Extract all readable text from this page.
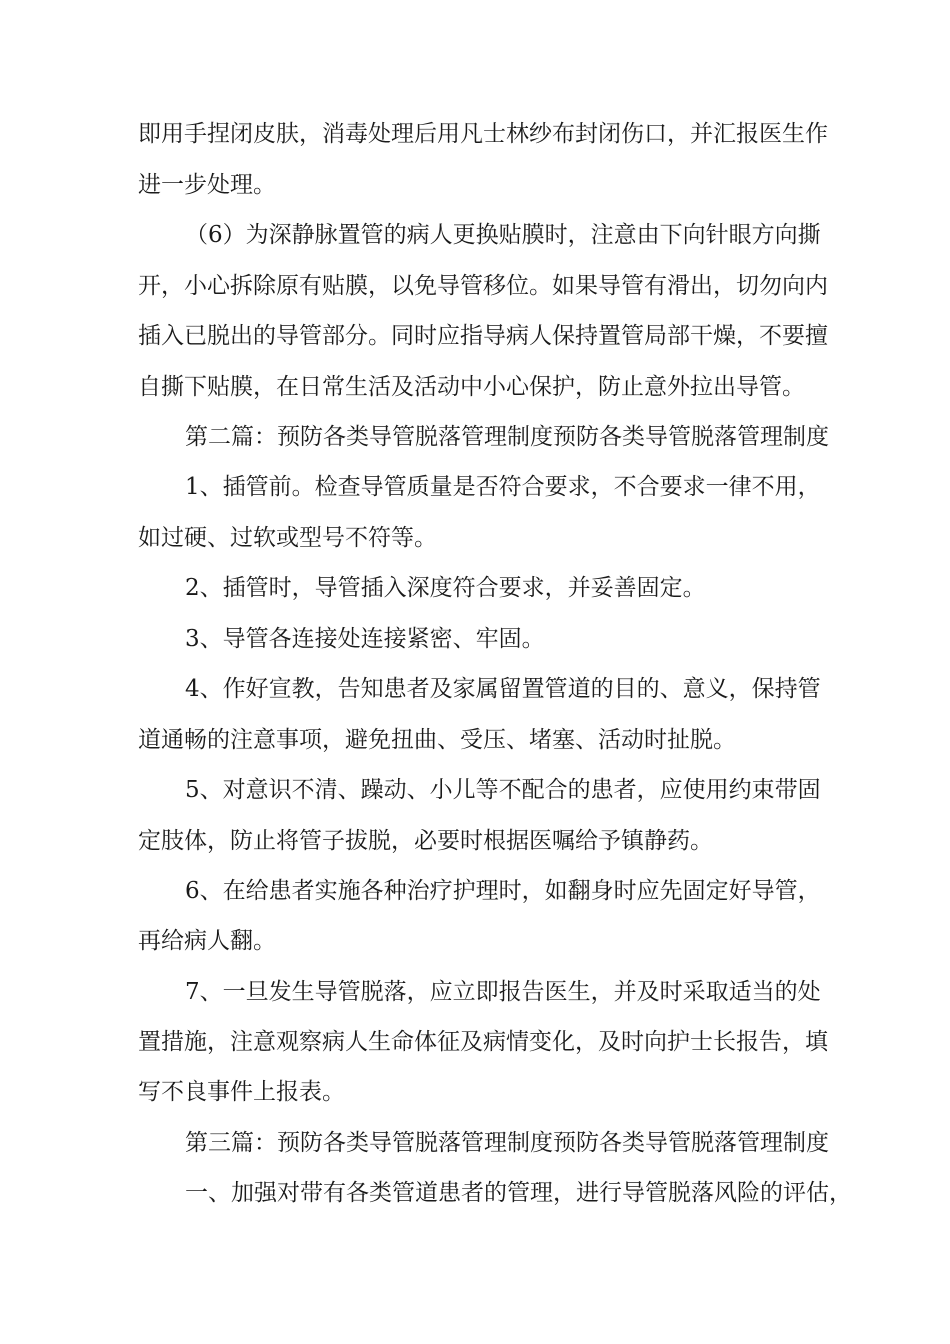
即用手捏闭皮肤，消毒处理后用凡士林纱布封闭伤口，并汇报医生作
进一步处理。
（6）为深静脉置管的病人更换贴膜时，注意由下向针眼方向撕
开，小心拆除原有贴膜，以免导管移位。如果导管有滑出，切勿向内
插入已脱出的导管部分。同时应指导病人保持置管局部干燥，不要擅
自撕下贴膜，在日常生活及活动中小心保护，防止意外拉出导管。
第二篇：预防各类导管脱落管理制度预防各类导管脱落管理制度
1、插管前。检查导管质量是否符合要求，不合要求一律不用，
如过硬、过软或型号不符等。
2、插管时，导管插入深度符合要求，并妥善固定。
3、导管各连接处连接紧密、牢固。
4、作好宣教，告知患者及家属留置管道的目的、意义，保持管
道通畅的注意事项，避免扭曲、受压、堵塞、活动时扯脱。
5、对意识不清、躁动、小儿等不配合的患者，应使用约束带固
定肢体，防止将管子拔脱，必要时根据医嘱给予镇静药。
6、在给患者实施各种治疗护理时，如翻身时应先固定好导管，
再给病人翻。
7、一旦发生导管脱落，应立即报告医生，并及时采取适当的处
置措施，注意观察病人生命体征及病情变化，及时向护士长报告，填
写不良事件上报表。
第三篇：预防各类导管脱落管理制度预防各类导管脱落管理制度
一、加强对带有各类管道患者的管理，进行导管脱落风险的评估，
